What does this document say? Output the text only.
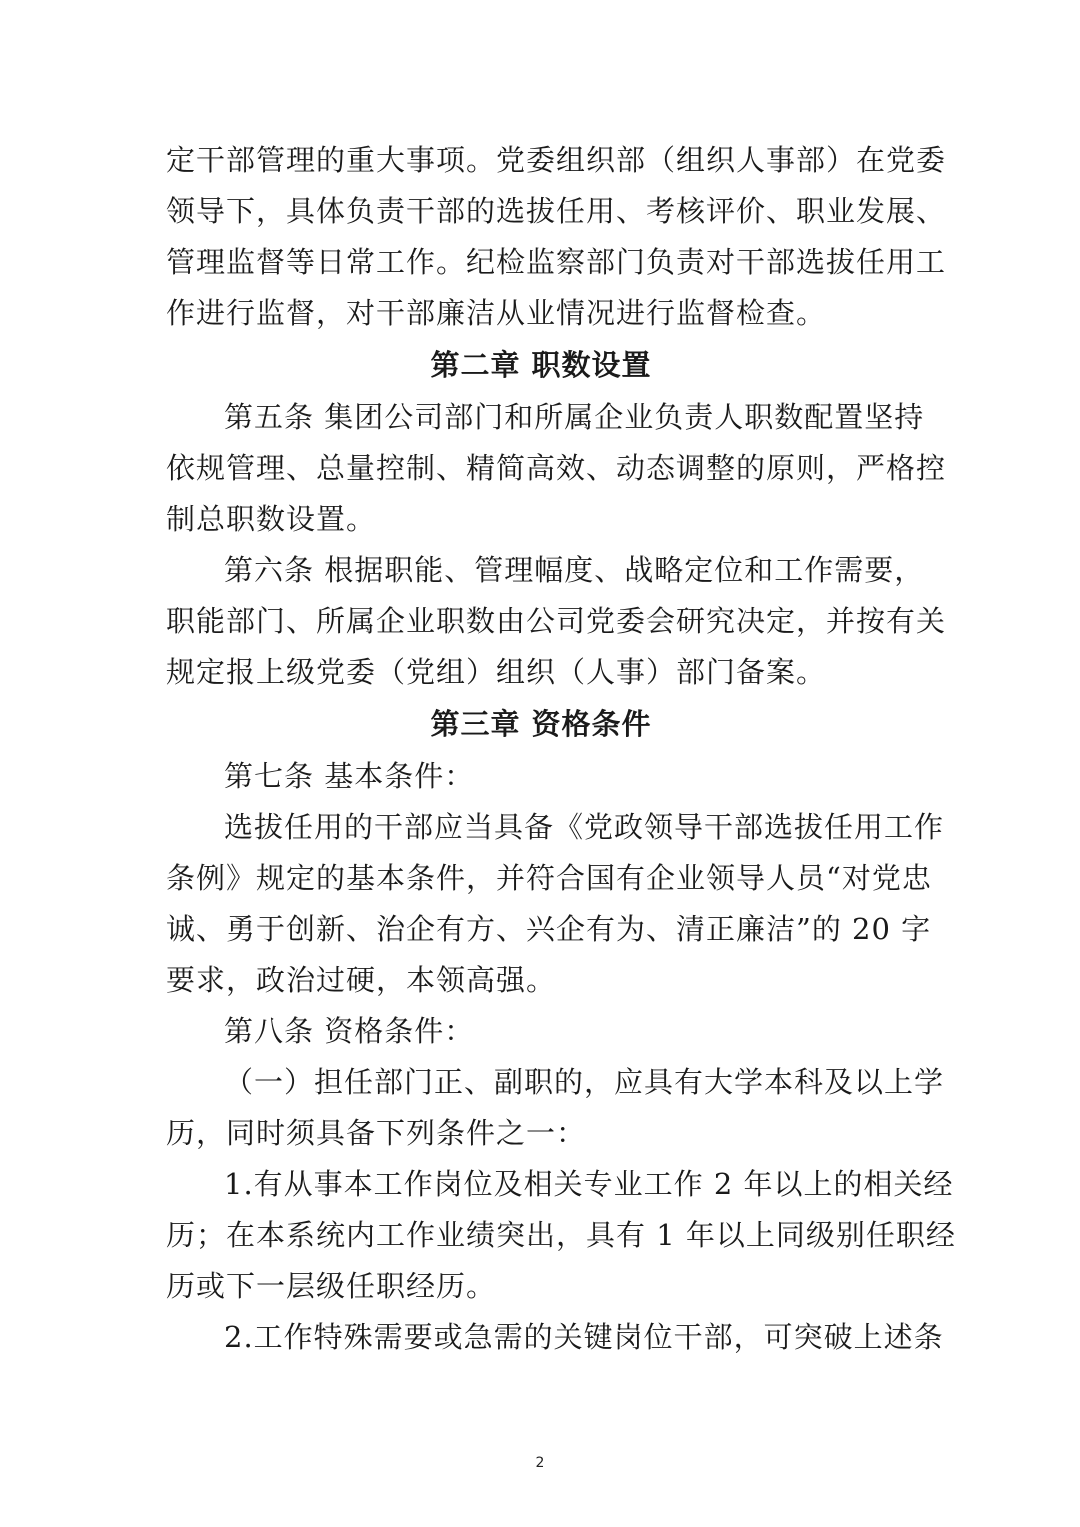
定干部管理的重大事项。党委组织部（组织人事部）在党委
领导下，具体负责干部的选拔任用、考核评价、职业发展、
管理监督等日常工作。纪检监察部门负责对干部选拔任用工
作进行监督，对干部廉洁从业情况进行监督检查。
第二章 职数设置
第五条 集团公司部门和所属企业负责人职数配置坚持
依规管理、总量控制、精简高效、动态调整的原则，严格控
制总职数设置。
第六条 根据职能、管理幅度、战略定位和工作需要，
职能部门、所属企业职数由公司党委会研究决定，并按有关
规定报上级党委（党组）组织（人事）部门备案。
第三章 资格条件
第七条 基本条件：
选拔任用的干部应当具备《党政领导干部选拔任用工作
条例》规定的基本条件，并符合国有企业领导人员“对党忠
诚、勇于创新、治企有方、兴企有为、清正廉洁”的 20 字
要求，政治过硬，本领高强。
第八条 资格条件：
（一）担任部门正、副职的，应具有大学本科及以上学
历，同时须具备下列条件之一：
1.有从事本工作岗位及相关专业工作 2 年以上的相关经
历；在本系统内工作业绩突出，具有 1 年以上同级别任职经
历或下一层级任职经历。
2.工作特殊需要或急需的关键岗位干部，可突破上述条
2
